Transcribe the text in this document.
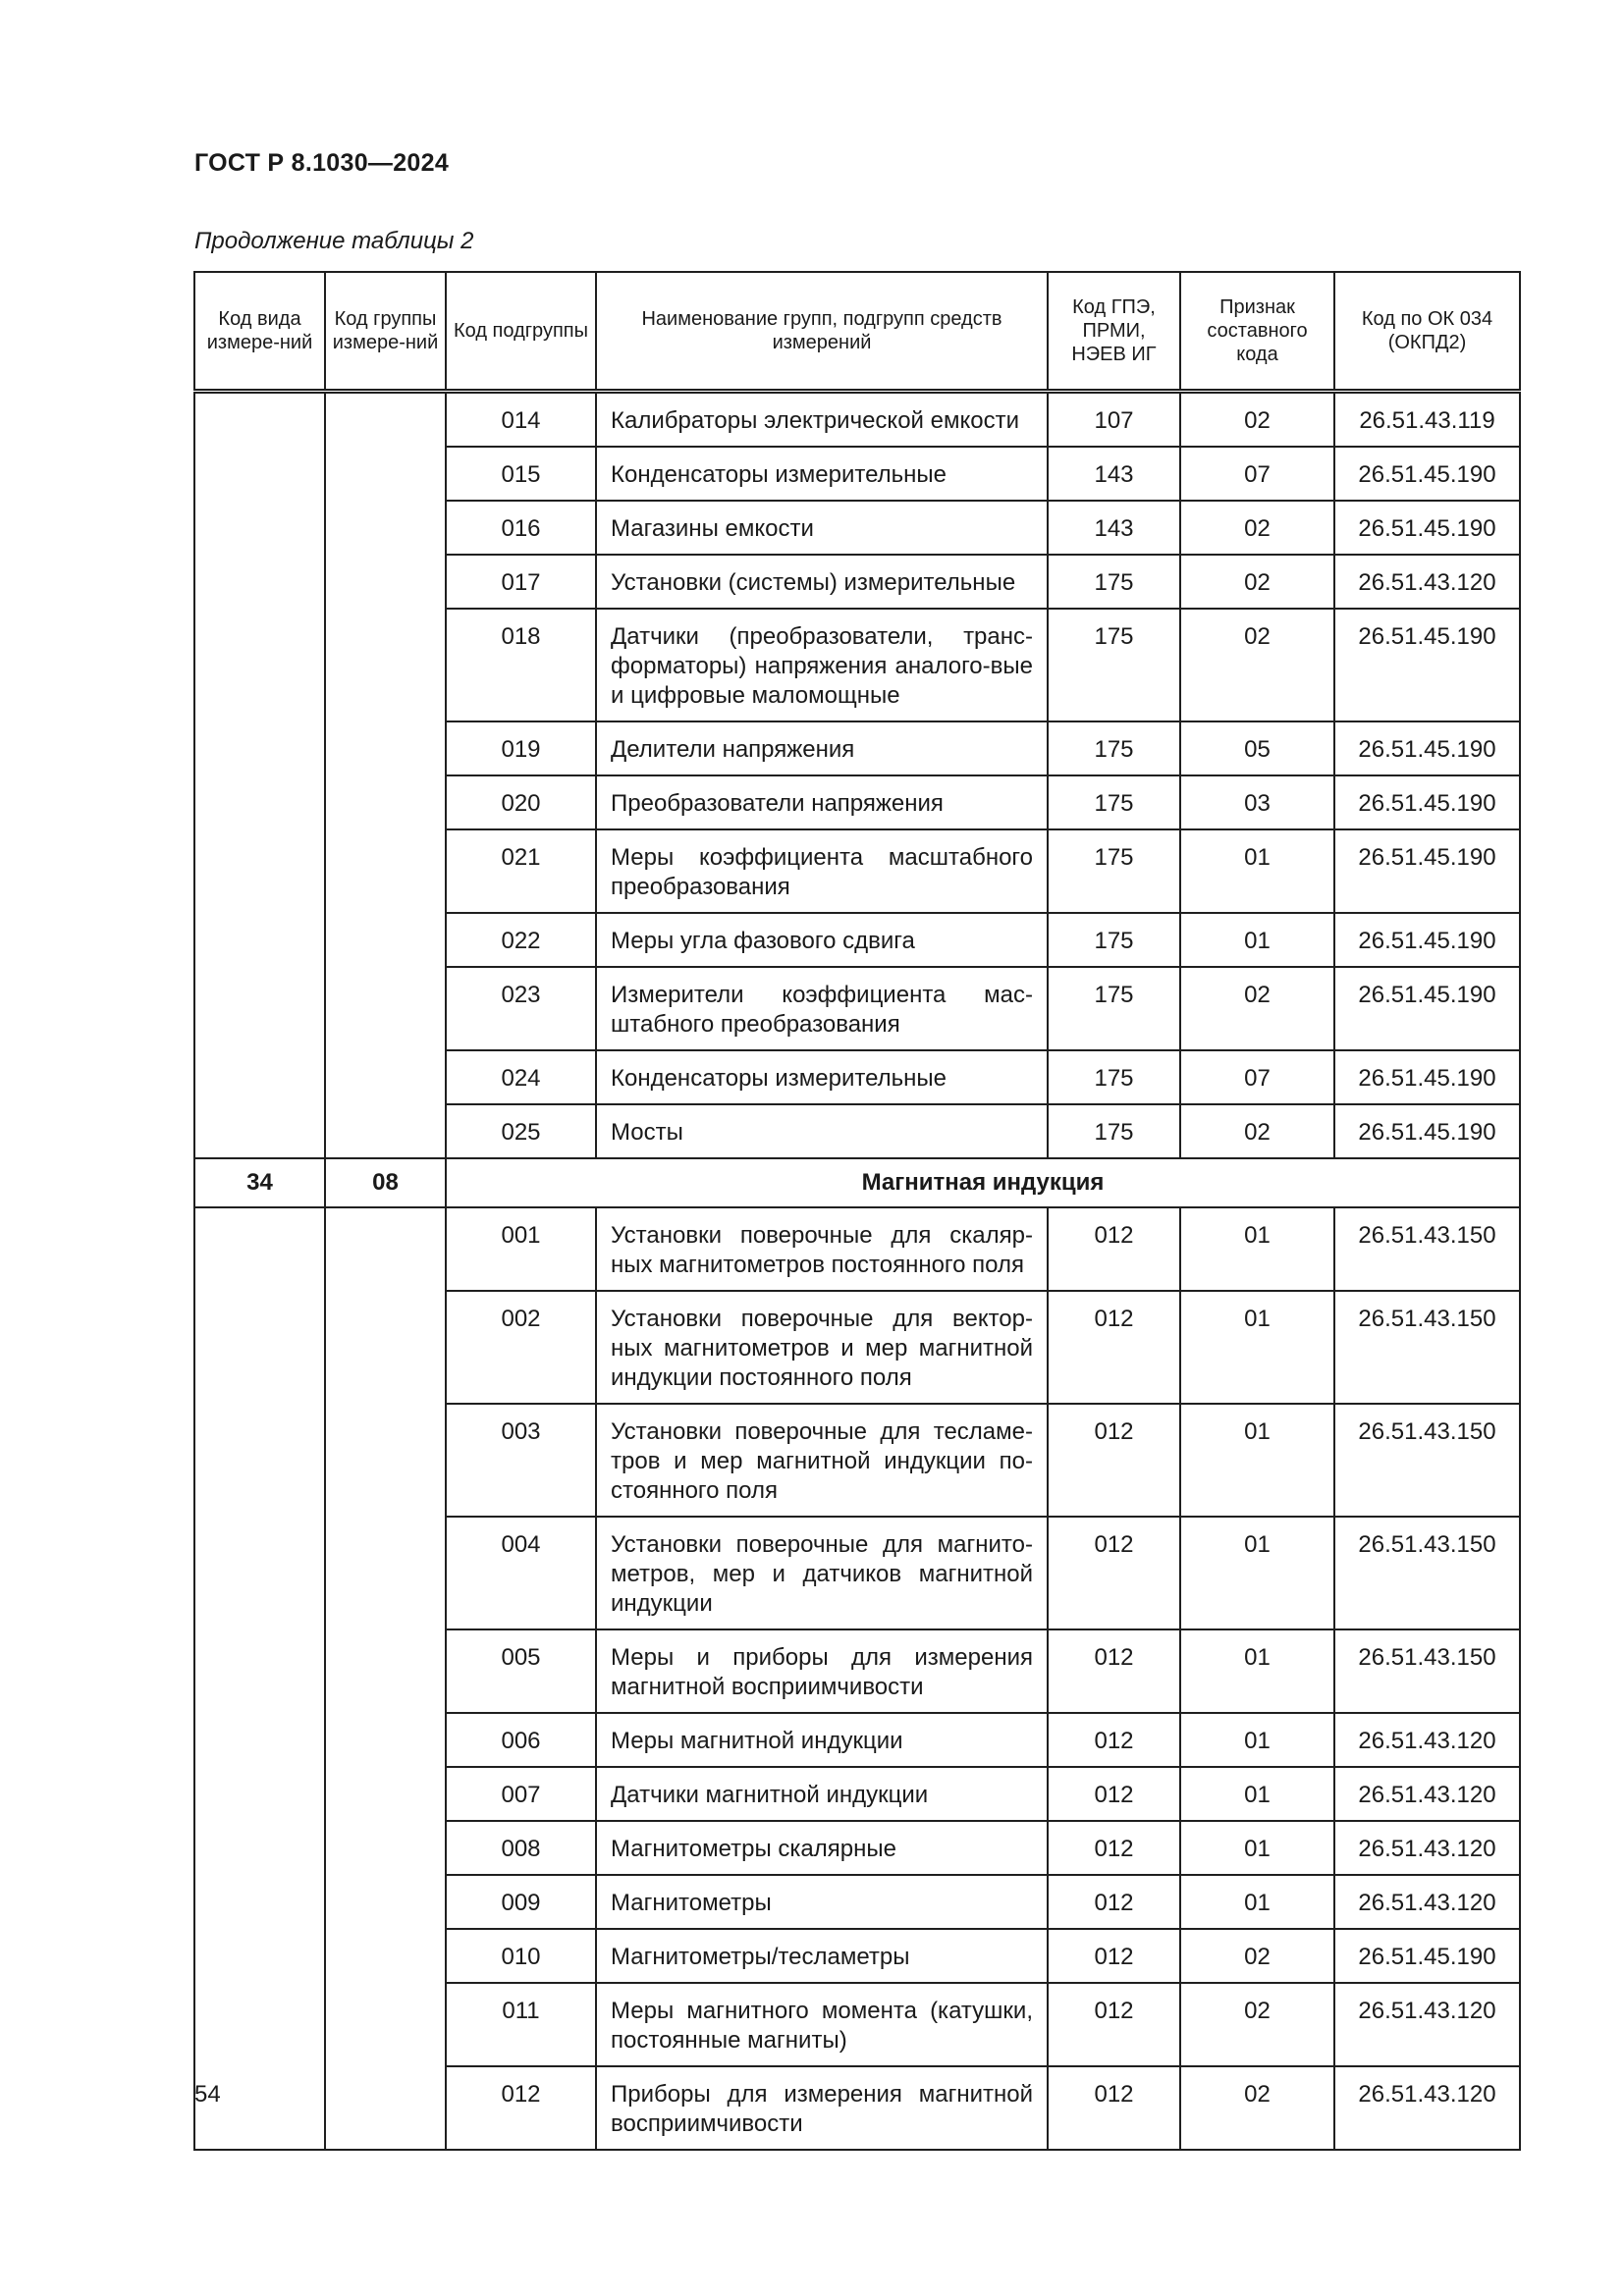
ГОСТ Р 8.1030—2024
Продолжение таблицы 2
Код вида измере-ний	Код группы измере-ний	Код подгруппы	Наименование групп, подгрупп средств измерений	Код ГПЭ, ПРМИ, НЭЕВ ИГ	Признак составного кода	Код по ОК 034 (ОКПД2)
		014	Калибраторы электрической емкости	107	02	26.51.43.119
		015	Конденсаторы измерительные	143	07	26.51.45.190
		016	Магазины емкости	143	02	26.51.45.190
		017	Установки (системы) измерительные	175	02	26.51.43.120
		018	Датчики (преобразователи, транс-форматоры) напряжения аналого-вые и цифровые маломощные	175	02	26.51.45.190
		019	Делители напряжения	175	05	26.51.45.190
		020	Преобразователи напряжения	175	03	26.51.45.190
		021	Меры коэффициента масштабного преобразования	175	01	26.51.45.190
		022	Меры угла фазового сдвига	175	01	26.51.45.190
		023	Измерители коэффициента мас-штабного преобразования	175	02	26.51.45.190
		024	Конденсаторы измерительные	175	07	26.51.45.190
		025	Мосты	175	02	26.51.45.190
34	08	Магнитная индукция				
		001	Установки поверочные для скаляр-ных магнитометров постоянного поля	012	01	26.51.43.150
		002	Установки поверочные для вектор-ных магнитометров и мер магнитной индукции постоянного поля	012	01	26.51.43.150
		003	Установки поверочные для тесламе-тров и мер магнитной индукции по-стоянного поля	012	01	26.51.43.150
		004	Установки поверочные для магнито-метров, мер и датчиков магнитной индукции	012	01	26.51.43.150
		005	Меры и приборы для измерения магнитной восприимчивости	012	01	26.51.43.150
		006	Меры магнитной индукции	012	01	26.51.43.120
		007	Датчики магнитной индукции	012	01	26.51.43.120
		008	Магнитометры скалярные	012	01	26.51.43.120
		009	Магнитометры	012	01	26.51.43.120
		010	Магнитометры/тесламетры	012	02	26.51.45.190
		011	Меры магнитного момента (катушки, постоянные магниты)	012	02	26.51.43.120
		012	Приборы для измерения магнитной восприимчивости	012	02	26.51.43.120
54
